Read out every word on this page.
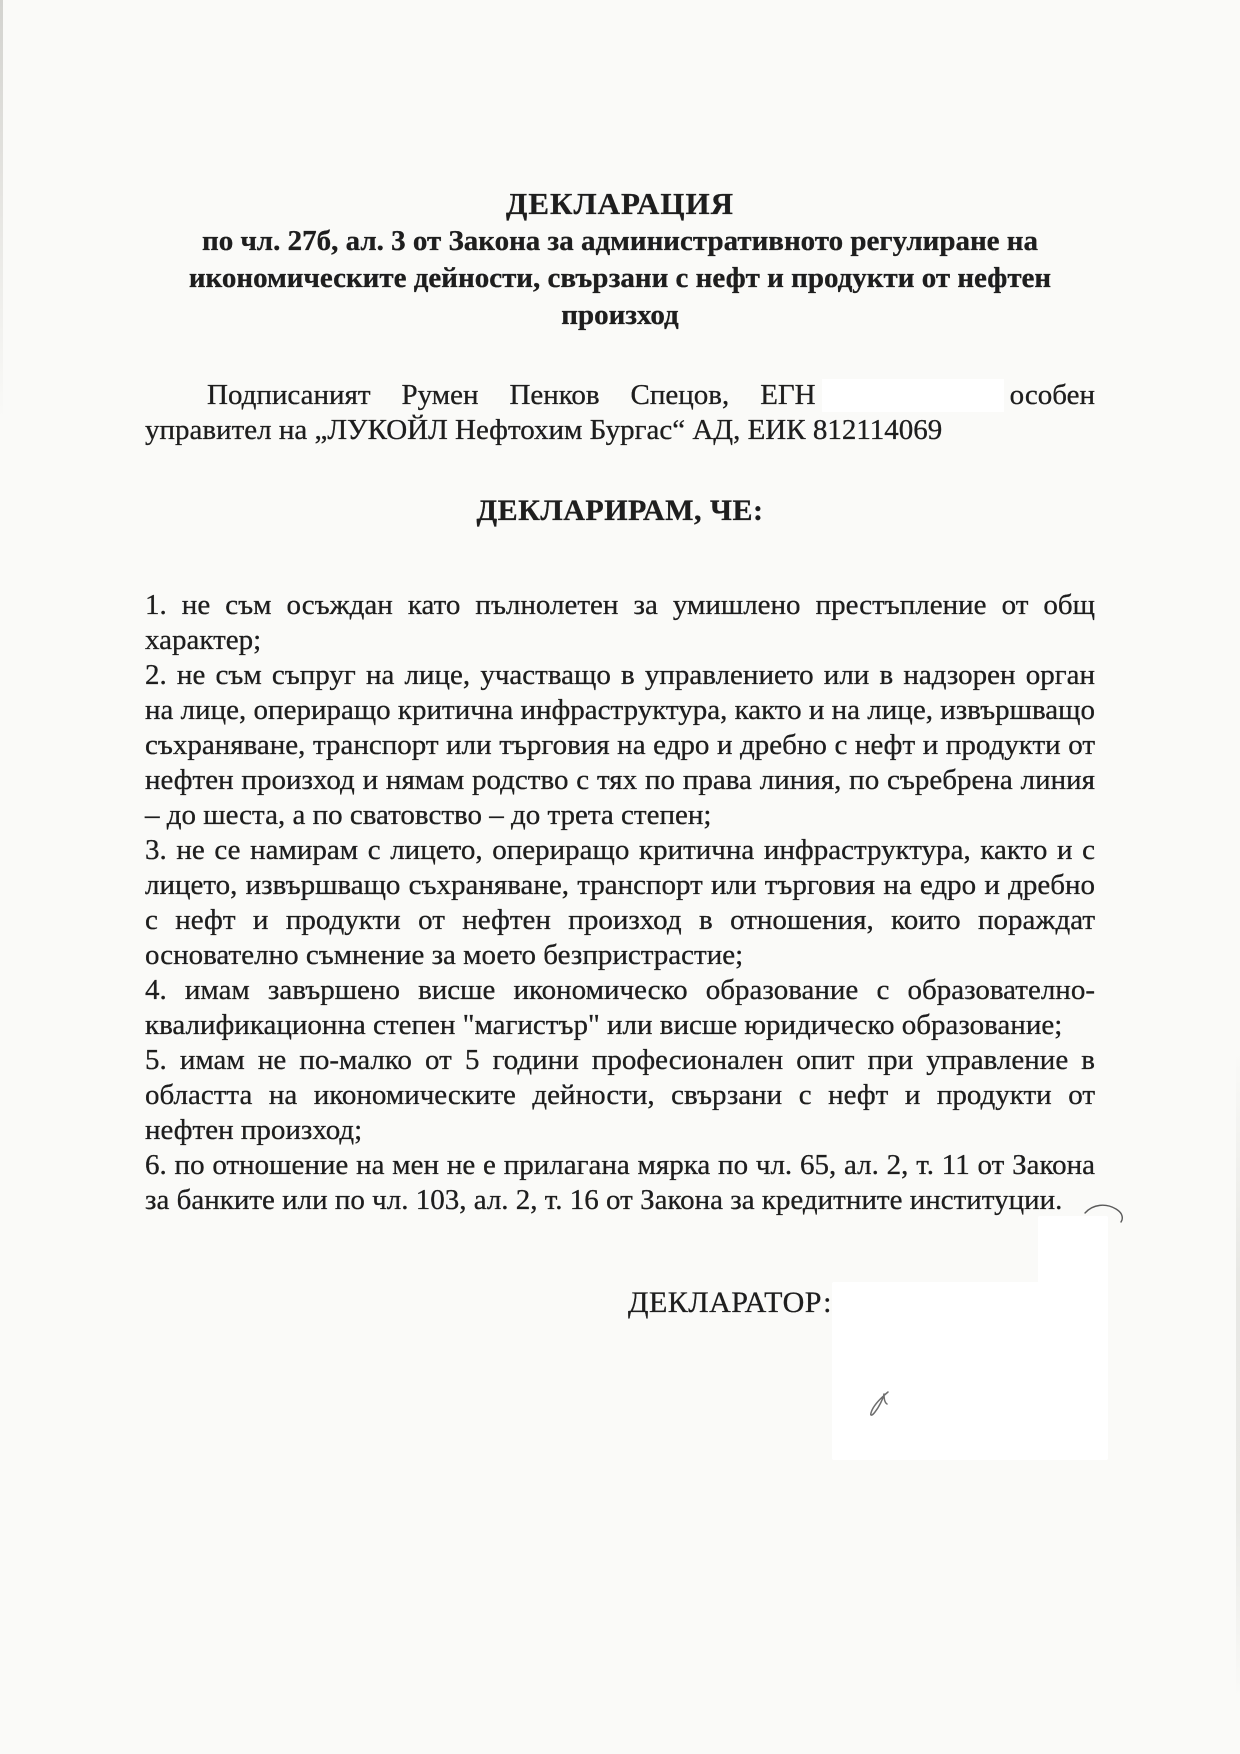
ДЕКЛАРАЦИЯ
по чл. 27б, ал. 3 от Закона за административното регулиране на
икономическите дейности, свързани с нефт и продукти от нефтен
произход

Подписаният Румен Пенков Спецов, ЕГН	особен управител на „ЛУКОЙЛ Нефтохим Бургас“ АД, ЕИК 812114069

ДЕКЛАРИРАМ, ЧЕ:

1. не съм осъждан като пълнолетен за умишлено престъпление от общ характер;

2. не съм съпруг на лице, участващо в управлението или в надзорен орган на лице, опериращо критична инфраструктура, както и на лице, извършващо съхраняване, транспорт или търговия на едро и дребно с нефт и продукти от нефтен произход и нямам родство с тях по права линия, по съребрена линия – до шеста, а по сватовство – до трета степен;

3. не се намирам с лицето, опериращо критична инфраструктура, както и с лицето, извършващо съхраняване, транспорт или търговия на едро и дребно с нефт и продукти от нефтен произход в отношения, които пораждат основателно съмнение за моето безпристрастие;

4. имам завършено висше икономическо образование с образователно-квалификационна степен "магистър" или висше юридическо образование;

5. имам не по-малко от 5 години професионален опит при управление в областта на икономическите дейности, свързани с нефт и продукти от нефтен произход;

6. по отношение на мен не е прилагана мярка по чл. 65, ал. 2, т. 11 от Закона за банките или по чл. 103, ал. 2, т. 16 от Закона за кредитните институции.

ДЕКЛАРАТОР:
